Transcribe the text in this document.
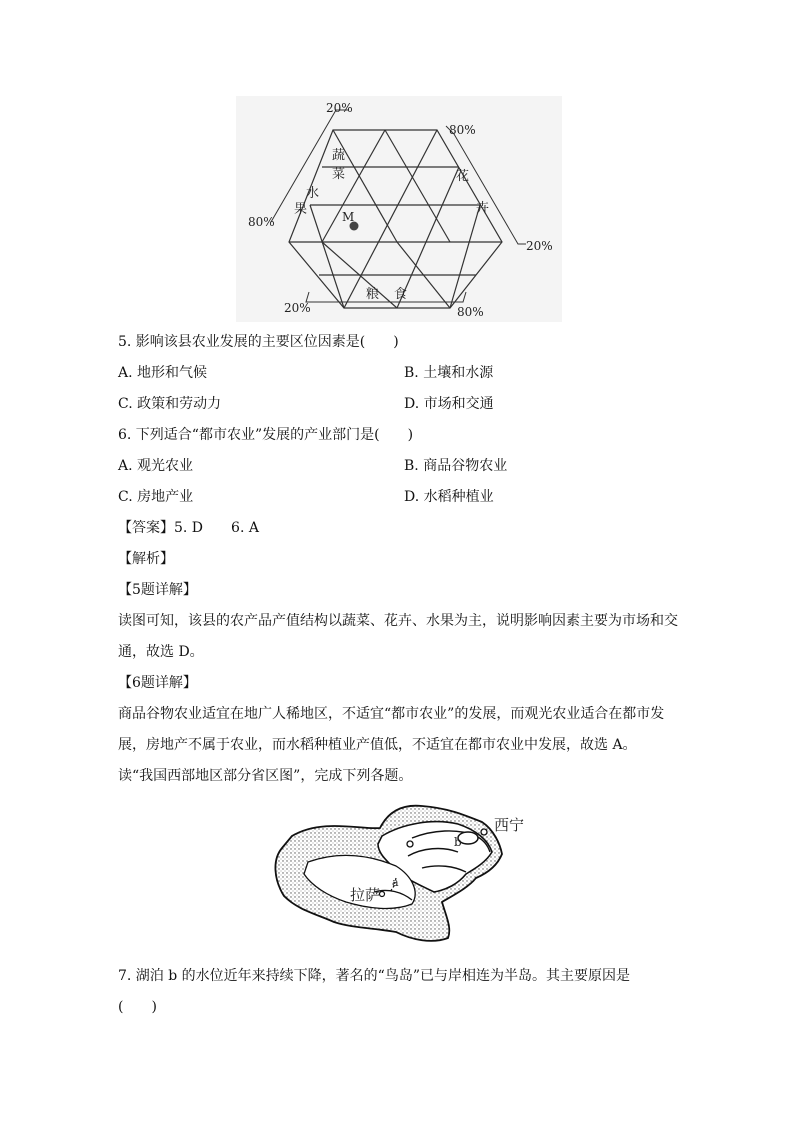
20%
80%
80%
20%
20%	80%
蔬
菜
水
果
花
卉
粮 食
M
5. 影响该县农业发展的主要区位因素是(　　)
A. 地形和气候	B. 土壤和水源
C. 政策和劳动力	D. 市场和交通
6. 下列适合“都市农业”发展的产业部门是(　　)
A. 观光农业	B. 商品谷物农业
C. 房地产业	D. 水稻种植业
【答案】5. D　　6. A
【解析】
【5题详解】
读图可知，该县的农产品产值结构以蔬菜、花卉、水果为主，说明影响因素主要为市场和交
通，故选 D。
【6题详解】
商品谷物农业适宜在地广人稀地区，不适宜“都市农业”的发展，而观光农业适合在都市发
展，房地产不属于农业，而水稻种植业产值低，不适宜在都市农业中发展，故选 A。
读“我国西部地区部分省区图”，完成下列各题。
西宁
拉萨
b
a
7. 湖泊 b 的水位近年来持续下降，著名的“鸟岛”已与岸相连为半岛。其主要原因是
(　　)
